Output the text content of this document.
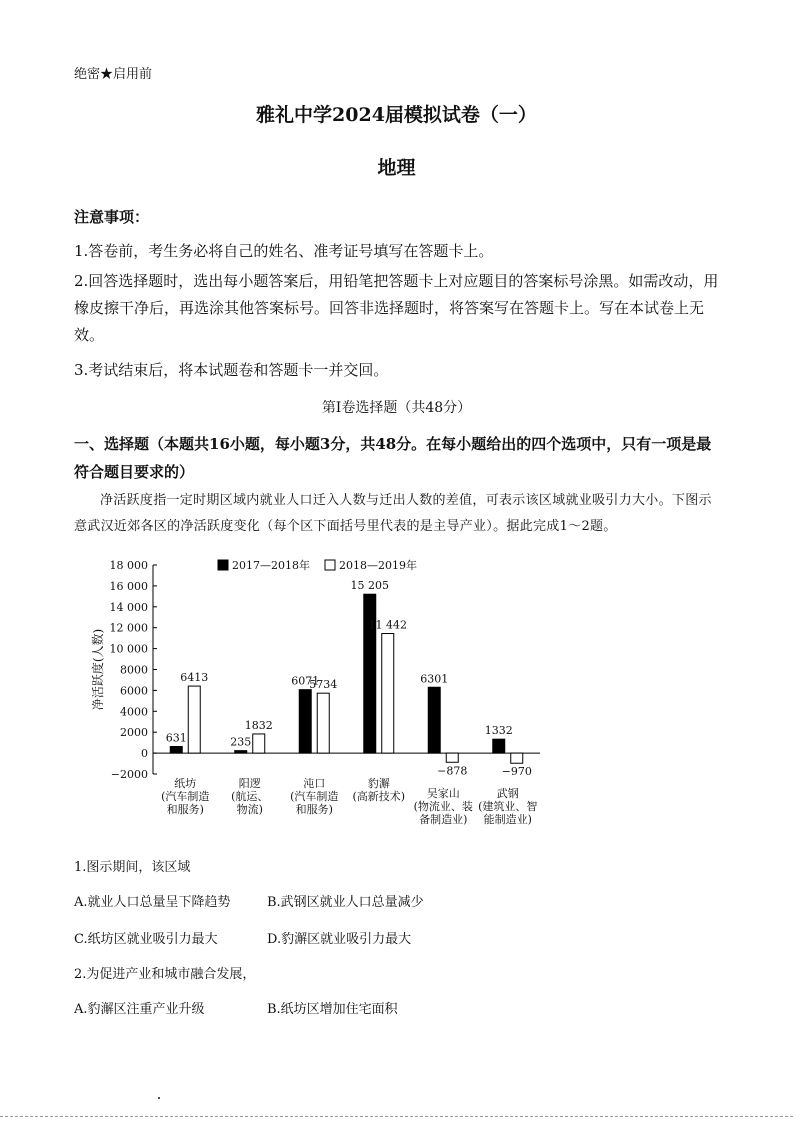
绝密★启用前
雅礼中学2024届模拟试卷（一）
地理
注意事项：
1.答卷前，考生务必将自己的姓名、准考证号填写在答题卡上。
2.回答选择题时，选出每小题答案后，用铅笔把答题卡上对应题目的答案标号涂黑。如需改动，用橡皮擦干净后，再选涂其他答案标号。回答非选择题时，将答案写在答题卡上。写在本试卷上无效。
3.考试结束后，将本试题卷和答题卡一并交回。
第Ⅰ卷选择题（共48分）
一、选择题（本题共16小题，每小题3分，共48分。在每小题给出的四个选项中，只有一项是最符合题目要求的）
净活跃度指一定时期区域内就业人口迁入人数与迁出人数的差值，可表示该区域就业吸引力大小。下图示意武汉近郊各区的净活跃度变化（每个区下面括号里代表的是主导产业）。据此完成1～2题。
−2000
0
2000
4000
6000
8000
10 000
12 000
14 000
16 000
18 000
净活跃度(人数)
2017—2018年	2018—2019年
631
6413
纸坊
(汽车制造
和服务)
235
1832
阳逻
(航运、
物流)
6071
5734
沌口
(汽车制造
和服务)
15 205
11 442
豹澥
(高新技术)
6301
−878
吴家山
(物流业、装
备制造业)
1332
−970
武钢
(建筑业、智
能制造业)
1.图示期间，该区域
A.就业人口总量呈下降趋势	B.武钢区就业人口总量减少
C.纸坊区就业吸引力最大	D.豹澥区就业吸引力最大
2.为促进产业和城市融合发展，
A.豹澥区注重产业升级	B.纸坊区增加住宅面积
